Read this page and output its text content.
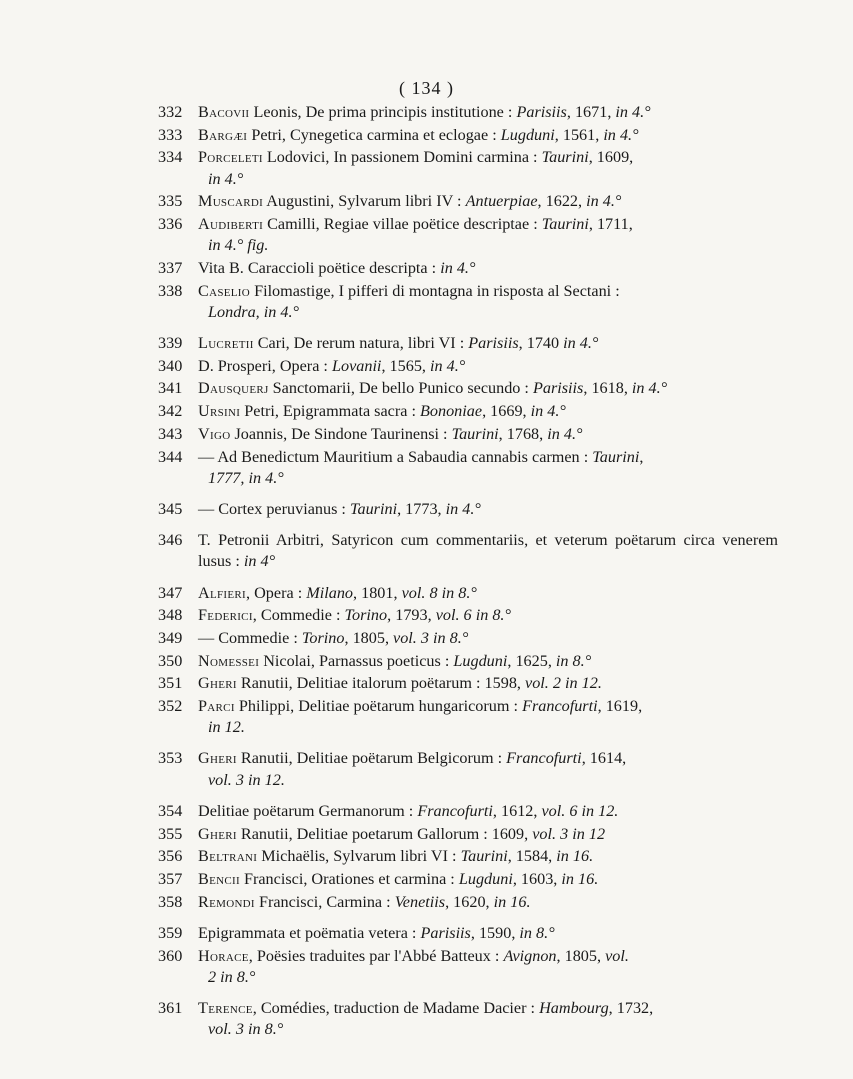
( 134 )
332 Bacovii Leonis, De prima principis institutione : Parisiis, 1671, in 4.°
333 Bargæi Petri, Cynegetica carmina et eclogae : Lugduni, 1561, in 4.°
334 Porceleti Lodovici, In passionem Domini carmina : Taurini, 1609,
in 4.°
335 Muscardi Augustini, Sylvarum libri IV : Antuerpiae, 1622, in 4.°
336 Audiberti Camilli, Regiae villae poëtice descriptae : Taurini, 1711,
in 4.° fig.
337 Vita B. Caraccioli poëtice descripta : in 4.°
338 Caselio Filomastige, I pifferi di montagna in risposta al Sectani :
Londra, in 4.°
339 Lucretii Cari, De rerum natura, libri VI : Parisiis, 1740 in 4.°
340 D. Prosperi, Opera : Lovanii, 1565, in 4.°
341 Dausquerj Sanctomarii, De bello Punico secundo : Parisiis, 1618, in 4.°
342 Ursini Petri, Epigrammata sacra : Bononiae, 1669, in 4.°
343 Vigo Joannis, De Sindone Taurinensi : Taurini, 1768, in 4.°
344 — Ad Benedictum Mauritium a Sabaudia cannabis carmen : Taurini,
1777, in 4.°
345 — Cortex peruvianus : Taurini, 1773, in 4.°
346 T. Petronii Arbitri, Satyricon cum commentariis, et veterum poëtarum circa venerem lusus : in 4°
347 Alfieri, Opera : Milano, 1801, vol. 8 in 8.°
348 Federici, Commedie : Torino, 1793, vol. 6 in 8.°
349 — Commedie : Torino, 1805, vol. 3 in 8.°
350 Nomessei Nicolai, Parnassus poeticus : Lugduni, 1625, in 8.°
351 Gheri Ranutii, Delitiae italorum poëtarum : 1598, vol. 2 in 12.
352 Parci Philippi, Delitiae poëtarum hungaricorum : Francofurti, 1619,
in 12.
353 Gheri Ranutii, Delitiae poëtarum Belgicorum : Francofurti, 1614,
vol. 3 in 12.
354 Delitiae poëtarum Germanorum : Francofurti, 1612, vol. 6 in 12.
355 Gheri Ranutii, Delitiae poetarum Gallorum : 1609, vol. 3 in 12
356 Beltrani Michaëlis, Sylvarum libri VI : Taurini, 1584, in 16.
357 Bencii Francisci, Orationes et carmina : Lugduni, 1603, in 16.
358 Remondi Francisci, Carmina : Venetiis, 1620, in 16.
359 Epigrammata et poëmatia vetera : Parisiis, 1590, in 8.°
360 Horace, Poësies traduites par l'Abbé Batteux : Avignon, 1805, vol.
2 in 8.°
361 Terence, Comédies, traduction de Madame Dacier : Hambourg, 1732,
vol. 3 in 8.°
